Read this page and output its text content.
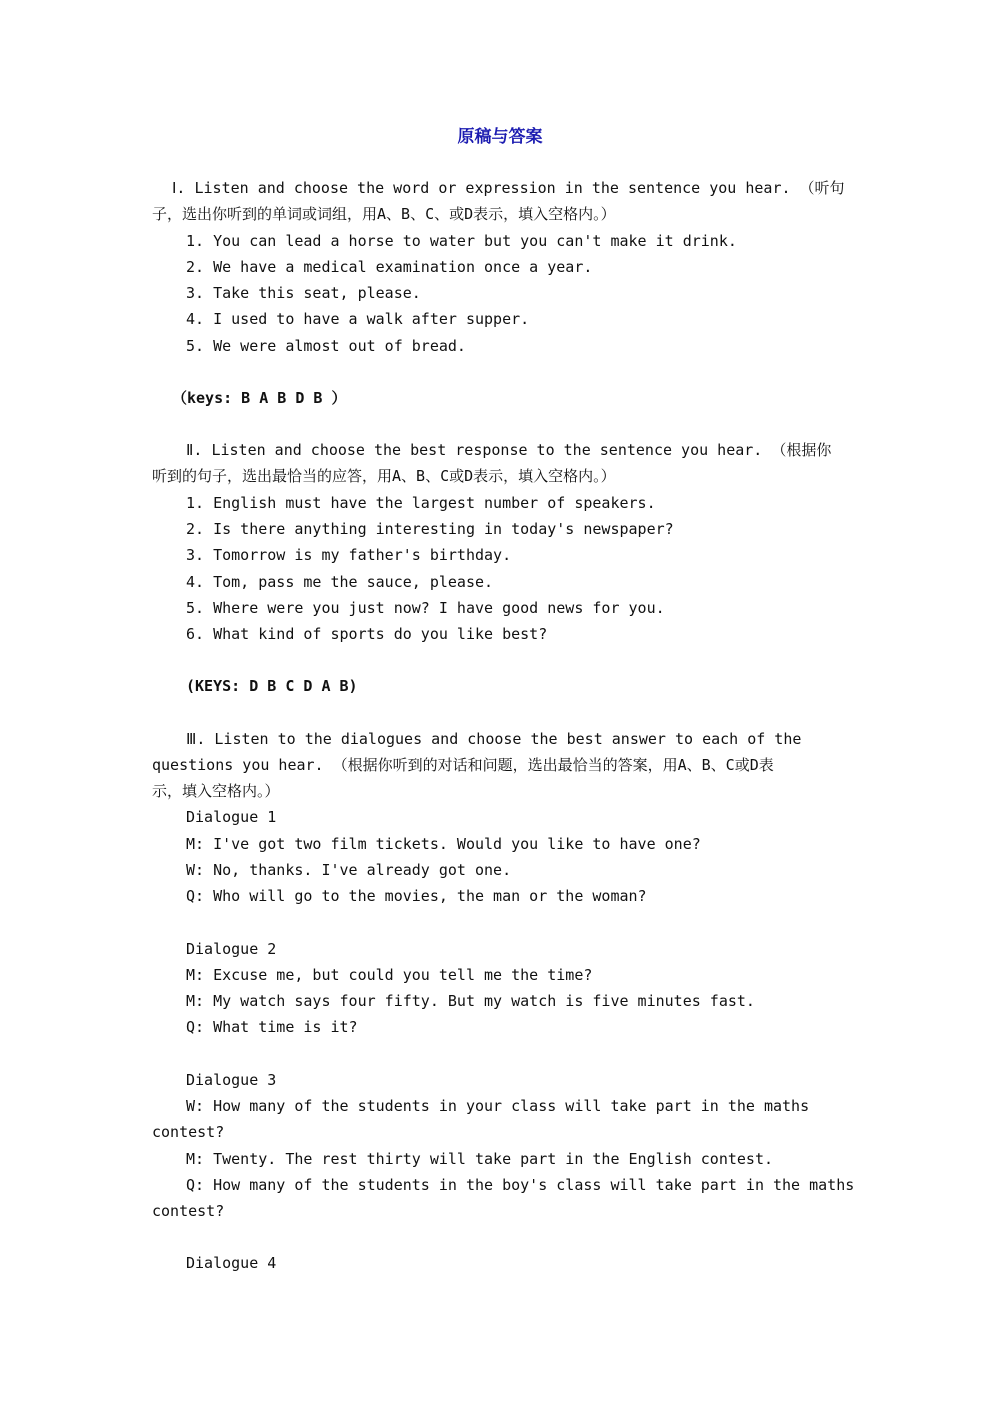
原稿与答案
Ⅰ. Listen and choose the word or expression in the sentence you hear. （听句
子，选出你听到的单词或词组，用A、B、C、或D表示，填入空格内。）
1. You can lead a horse to water but you can't make it drink.
2. We have a medical examination once a year.
3. Take this seat, please.
4. I used to have a walk after supper.
5. We were almost out of bread.
（keys: B A B D B ）
Ⅱ. Listen and choose the best response to the sentence you hear. （根据你
听到的句子，选出最恰当的应答，用A、B、C或D表示，填入空格内。）
1. English must have the largest number of speakers.
2. Is there anything interesting in today's newspaper?
3. Tomorrow is my father's birthday.
4. Tom, pass me the sauce, please.
5. Where were you just now? I have good news for you.
6. What kind of sports do you like best?
(KEYS: D B C D A B)
Ⅲ. Listen to the dialogues and choose the best answer to each of the
questions you hear. （根据你听到的对话和问题，选出最恰当的答案，用A、B、C或D表
示，填入空格内。）
Dialogue 1
M: I've got two film tickets. Would you like to have one?
W: No, thanks. I've already got one.
Q: Who will go to the movies, the man or the woman?
Dialogue 2
M: Excuse me, but could you tell me the time?
M: My watch says four fifty. But my watch is five minutes fast.
Q: What time is it?
Dialogue 3
W: How many of the students in your class will take part in the maths
contest?
M: Twenty. The rest thirty will take part in the English contest.
Q: How many of the students in the boy's class will take part in the maths
contest?
Dialogue 4
